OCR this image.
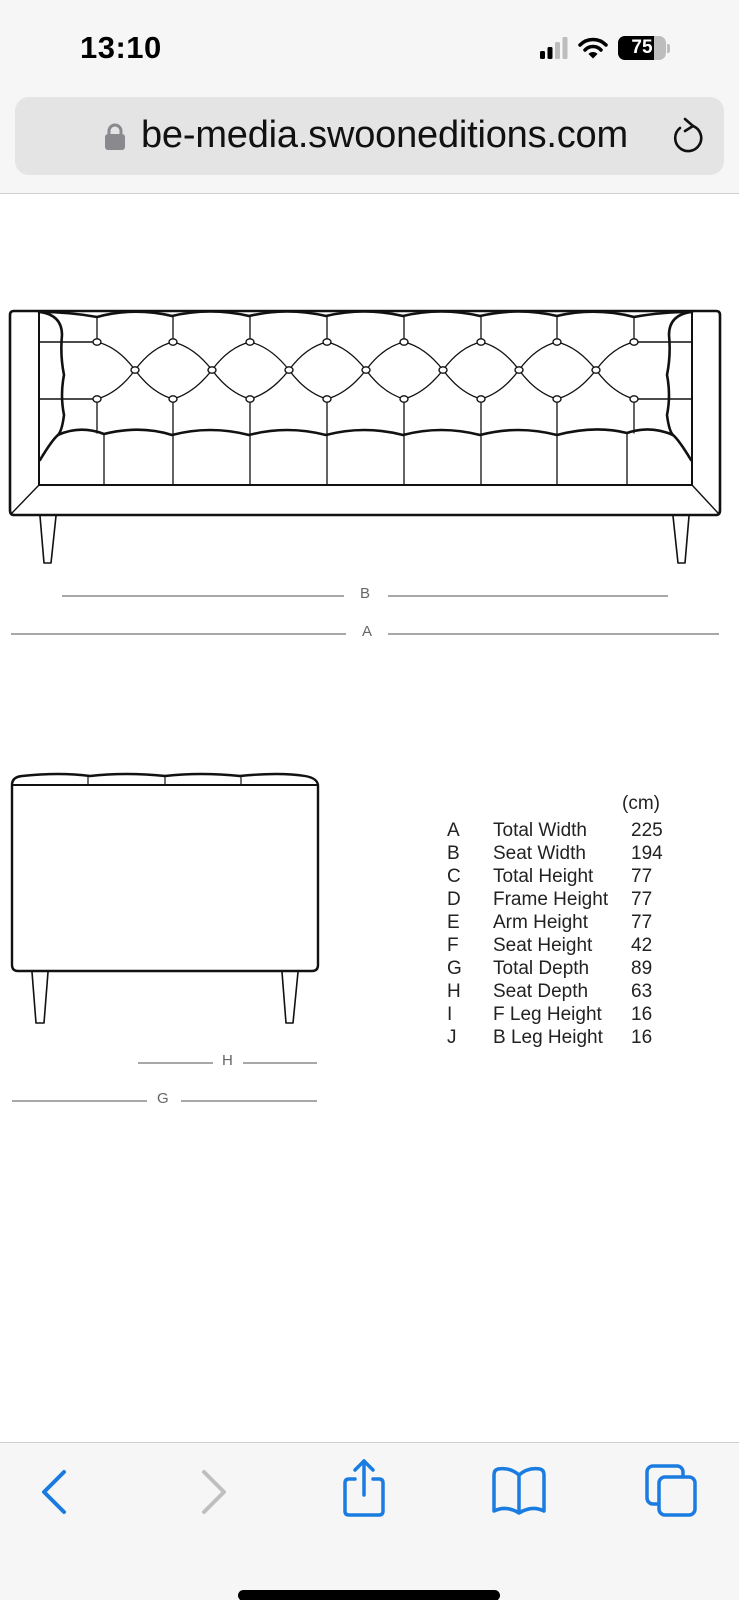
13:10	75
be-media.swooneditions.com
B
A
H
G
(cm)
A	Total Width	225
B	Seat Width	194
C	Total Height	77
D	Frame Height	77
E	Arm Height	77
F	Seat Height	42
G	Total Depth	89
H	Seat Depth	63
I	F Leg Height	16
J	B Leg Height	16
